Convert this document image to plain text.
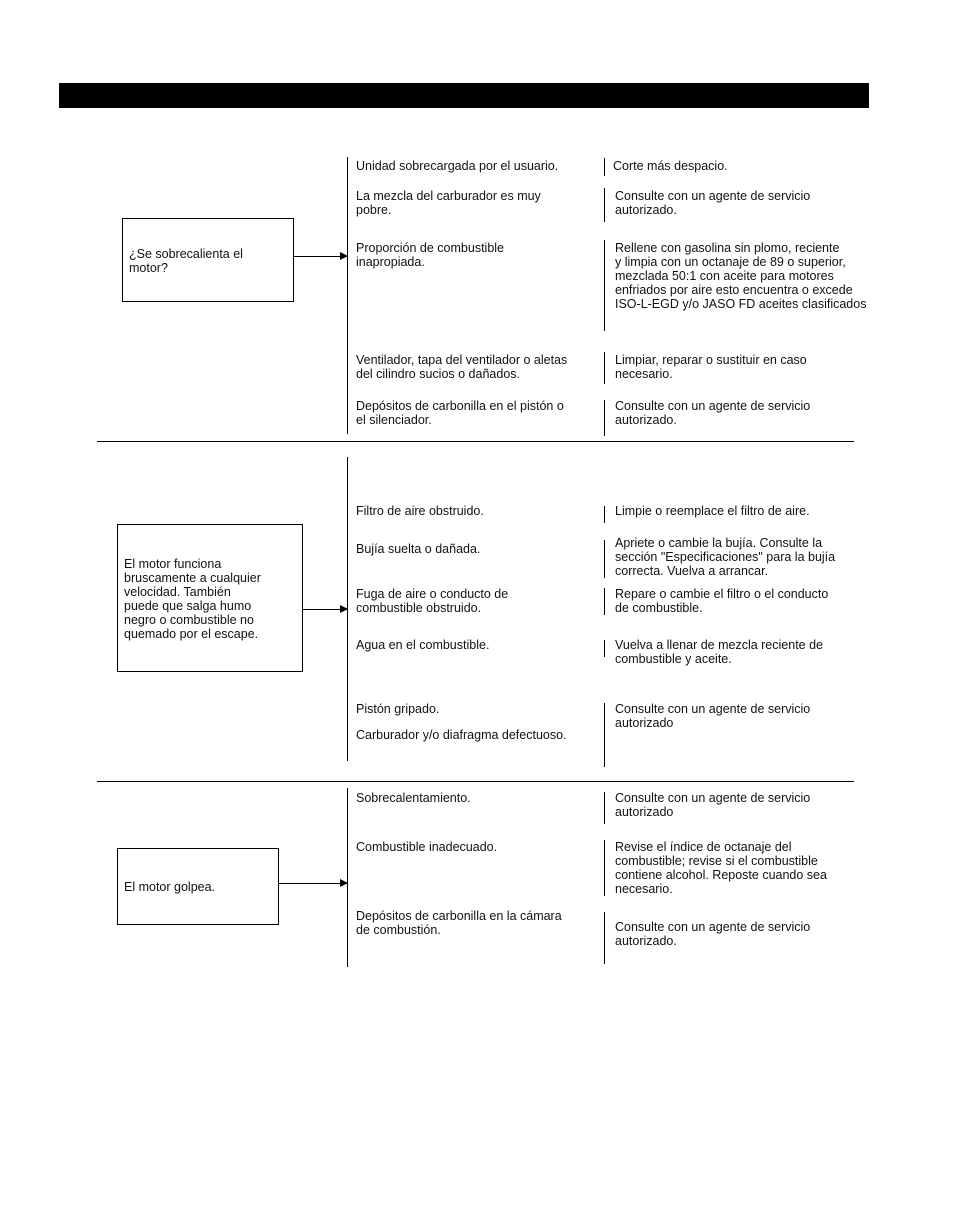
¿Se sobrecalienta el
motor?
Unidad sobrecargada por el usuario.
La mezcla del carburador es muy
pobre.
Proporción de combustible
inapropiada.
Ventilador, tapa del ventilador o aletas
del cilindro sucios o dañados.
Depósitos de carbonilla en el pistón o
el silenciador.
Corte más despacio.
Consulte con un agente de servicio
autorizado.
Rellene con gasolina sin plomo, reciente
y limpia con un octanaje de 89 o superior,
mezclada 50:1 con aceite para motores
enfriados por aire esto encuentra o excede
ISO-L-EGD y/o JASO FD aceites clasificados
Limpiar, reparar o sustituir en caso
necesario.
Consulte con un agente de servicio
autorizado.
El motor funciona
bruscamente a cualquier
velocidad. También
puede que salga humo
negro o combustible no
quemado por el escape.
Filtro de aire obstruido.
Bujía suelta o dañada.
Fuga de aire o conducto de
combustible obstruido.
Agua en el combustible.
Pistón gripado.
Carburador y/o diafragma defectuoso.
Limpie o reemplace el filtro de aire.
Apriete o cambie la bujía. Consulte la
sección "Especificaciones" para la bujía
correcta. Vuelva a arrancar.
Repare o cambie el filtro o el conducto
de combustible.
Vuelva a llenar de mezcla reciente de
combustible y aceite.
Consulte con un agente de servicio
autorizado
El motor golpea.
Sobrecalentamiento.
Combustible inadecuado.
Depósitos de carbonilla en la cámara
de combustión.
Consulte con un agente de servicio
autorizado
Revise el índice de octanaje del
combustible; revise si el combustible
contiene alcohol. Reposte cuando sea
necesario.
Consulte con un agente de servicio
autorizado.
